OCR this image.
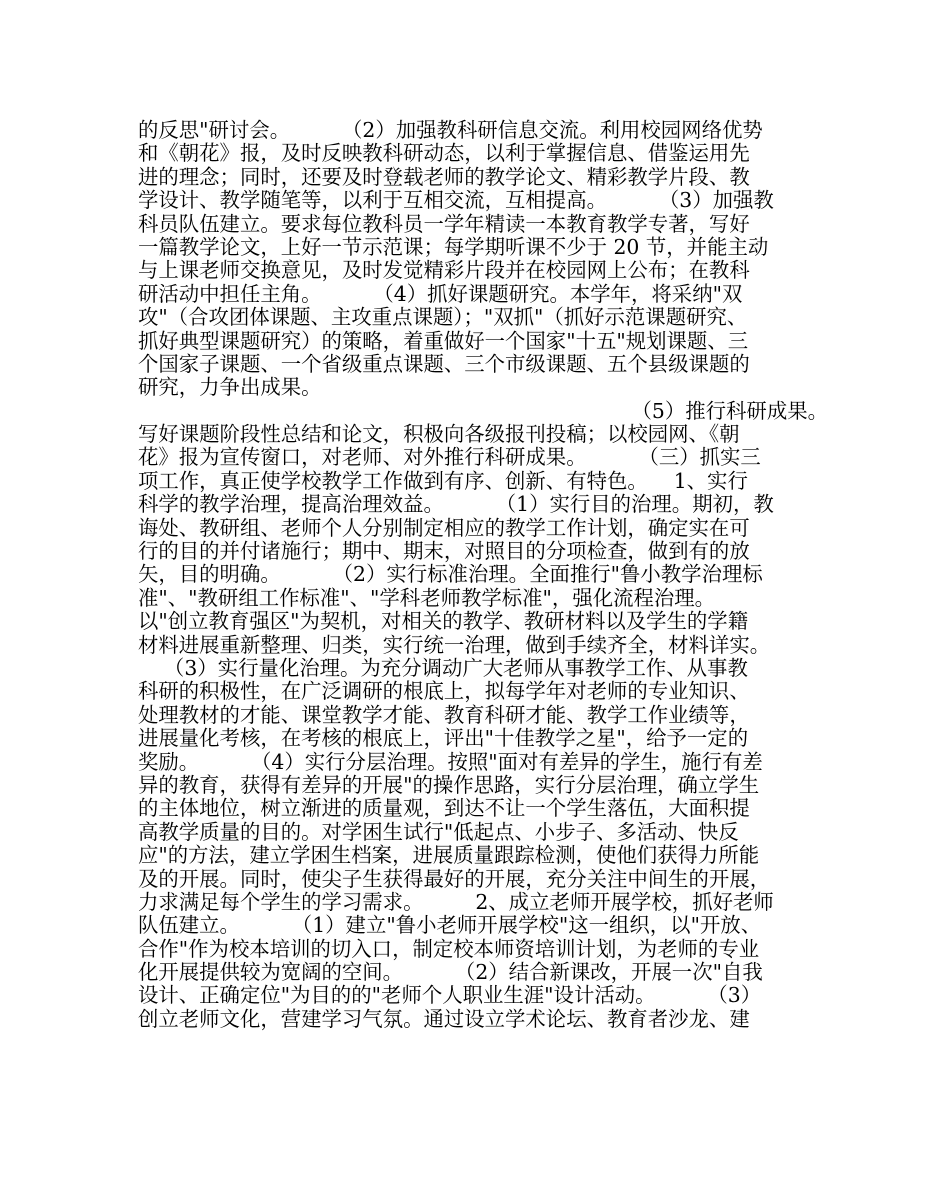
的反思"研讨会。        （2）加强教科研信息交流。利用校园网络优势
和《朝花》报，及时反映教科研动态，以利于掌握信息、借鉴运用先
进的理念；同时，还要及时登载老师的教学论文、精彩教学片段、教
学设计、教学随笔等，以利于互相交流，互相提高。        （3）加强教
科员队伍建立。要求每位教科员一学年精读一本教育教学专著，写好
一篇教学论文，上好一节示范课；每学期听课不少于 20 节，并能主动
与上课老师交换意见，及时发觉精彩片段并在校园网上公布；在教科
研活动中担任主角。        （4）抓好课题研究。本学年，将采纳"双
攻"（合攻团体课题、主攻重点课题）；"双抓"（抓好示范课题研究、
抓好典型课题研究）的策略，着重做好一个国家"十五"规划课题、三
个国家子课题、一个省级重点课题、三个市级课题、五个县级课题的
研究，力争出成果。
（5）推行科研成果。
写好课题阶段性总结和论文，积极向各级报刊投稿；以校园网、《朝
花》报为宣传窗口，对老师、对外推行科研成果。        （三）抓实三
项工作，真正使学校教学工作做到有序、创新、有特色。    1、实行
科学的教学治理，提高治理效益。        （1）实行目的治理。期初，教
诲处、教研组、老师个人分别制定相应的教学工作计划，确定实在可
行的目的并付诸施行；期中、期末，对照目的分项检查，做到有的放
矢，目的明确。        （2）实行标准治理。全面推行"鲁小教学治理标
准"、"教研组工作标准"、"学科老师教学标准"，强化流程治理。
以"创立教育强区"为契机，对相关的教学、教研材料以及学生的学籍
材料进展重新整理、归类，实行统一治理，做到手续齐全，材料详实。
（3）实行量化治理。为充分调动广大老师从事教学工作、从事教
科研的积极性，在广泛调研的根底上，拟每学年对老师的专业知识、
处理教材的才能、课堂教学才能、教育科研才能、教学工作业绩等，
进展量化考核，在考核的根底上，评出"十佳教学之星"，给予一定的
奖励。        （4）实行分层治理。按照"面对有差异的学生，施行有差
异的教育，获得有差异的开展"的操作思路，实行分层治理，确立学生
的主体地位，树立渐进的质量观，到达不让一个学生落伍，大面积提
高教学质量的目的。对学困生试行"低起点、小步子、多活动、快反
应"的方法，建立学困生档案，进展质量跟踪检测，使他们获得力所能
及的开展。同时，使尖子生获得最好的开展，充分关注中间生的开展，
力求满足每个学生的学习需求。        2、成立老师开展学校，抓好老师
队伍建立。        （1）建立"鲁小老师开展学校"这一组织，以"开放、
合作"作为校本培训的切入口，制定校本师资培训计划，为老师的专业
化开展提供较为宽阔的空间。        （2）结合新课改，开展一次"自我
设计、正确定位"为目的的"老师个人职业生涯"设计活动。        （3）
创立老师文化，营建学习气氛。通过设立学术论坛、教育者沙龙、建
